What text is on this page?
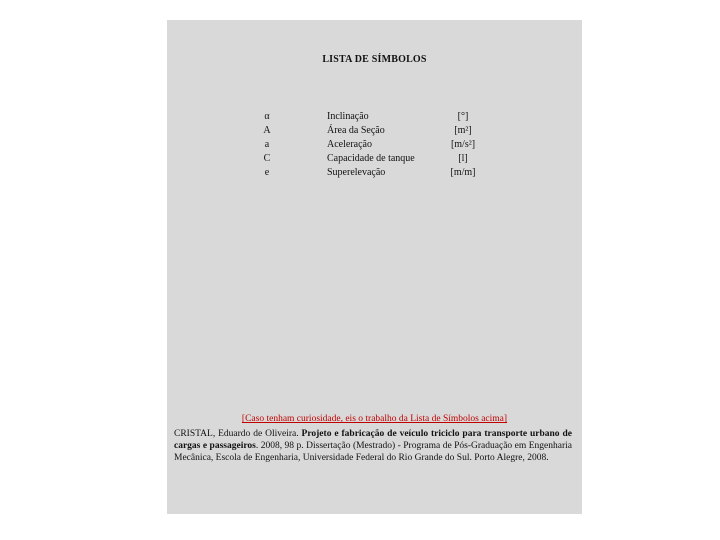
LISTA DE SÍMBOLOS
α	Inclinação	[°]
A	Área da Seção	[m²]
a	Aceleração	[m/s²]
C	Capacidade de tanque	[l]
e	Superelevação	[m/m]
[Caso tenham curiosidade, eis o trabalho da Lista de Símbolos acima]
CRISTAL, Eduardo de Oliveira. Projeto e fabricação de veículo triciclo para transporte urbano de cargas e passageiros. 2008, 98 p. Dissertação (Mestrado) - Programa de Pós-Graduação em Engenharia Mecânica, Escola de Engenharia, Universidade Federal do Rio Grande do Sul. Porto Alegre, 2008.
